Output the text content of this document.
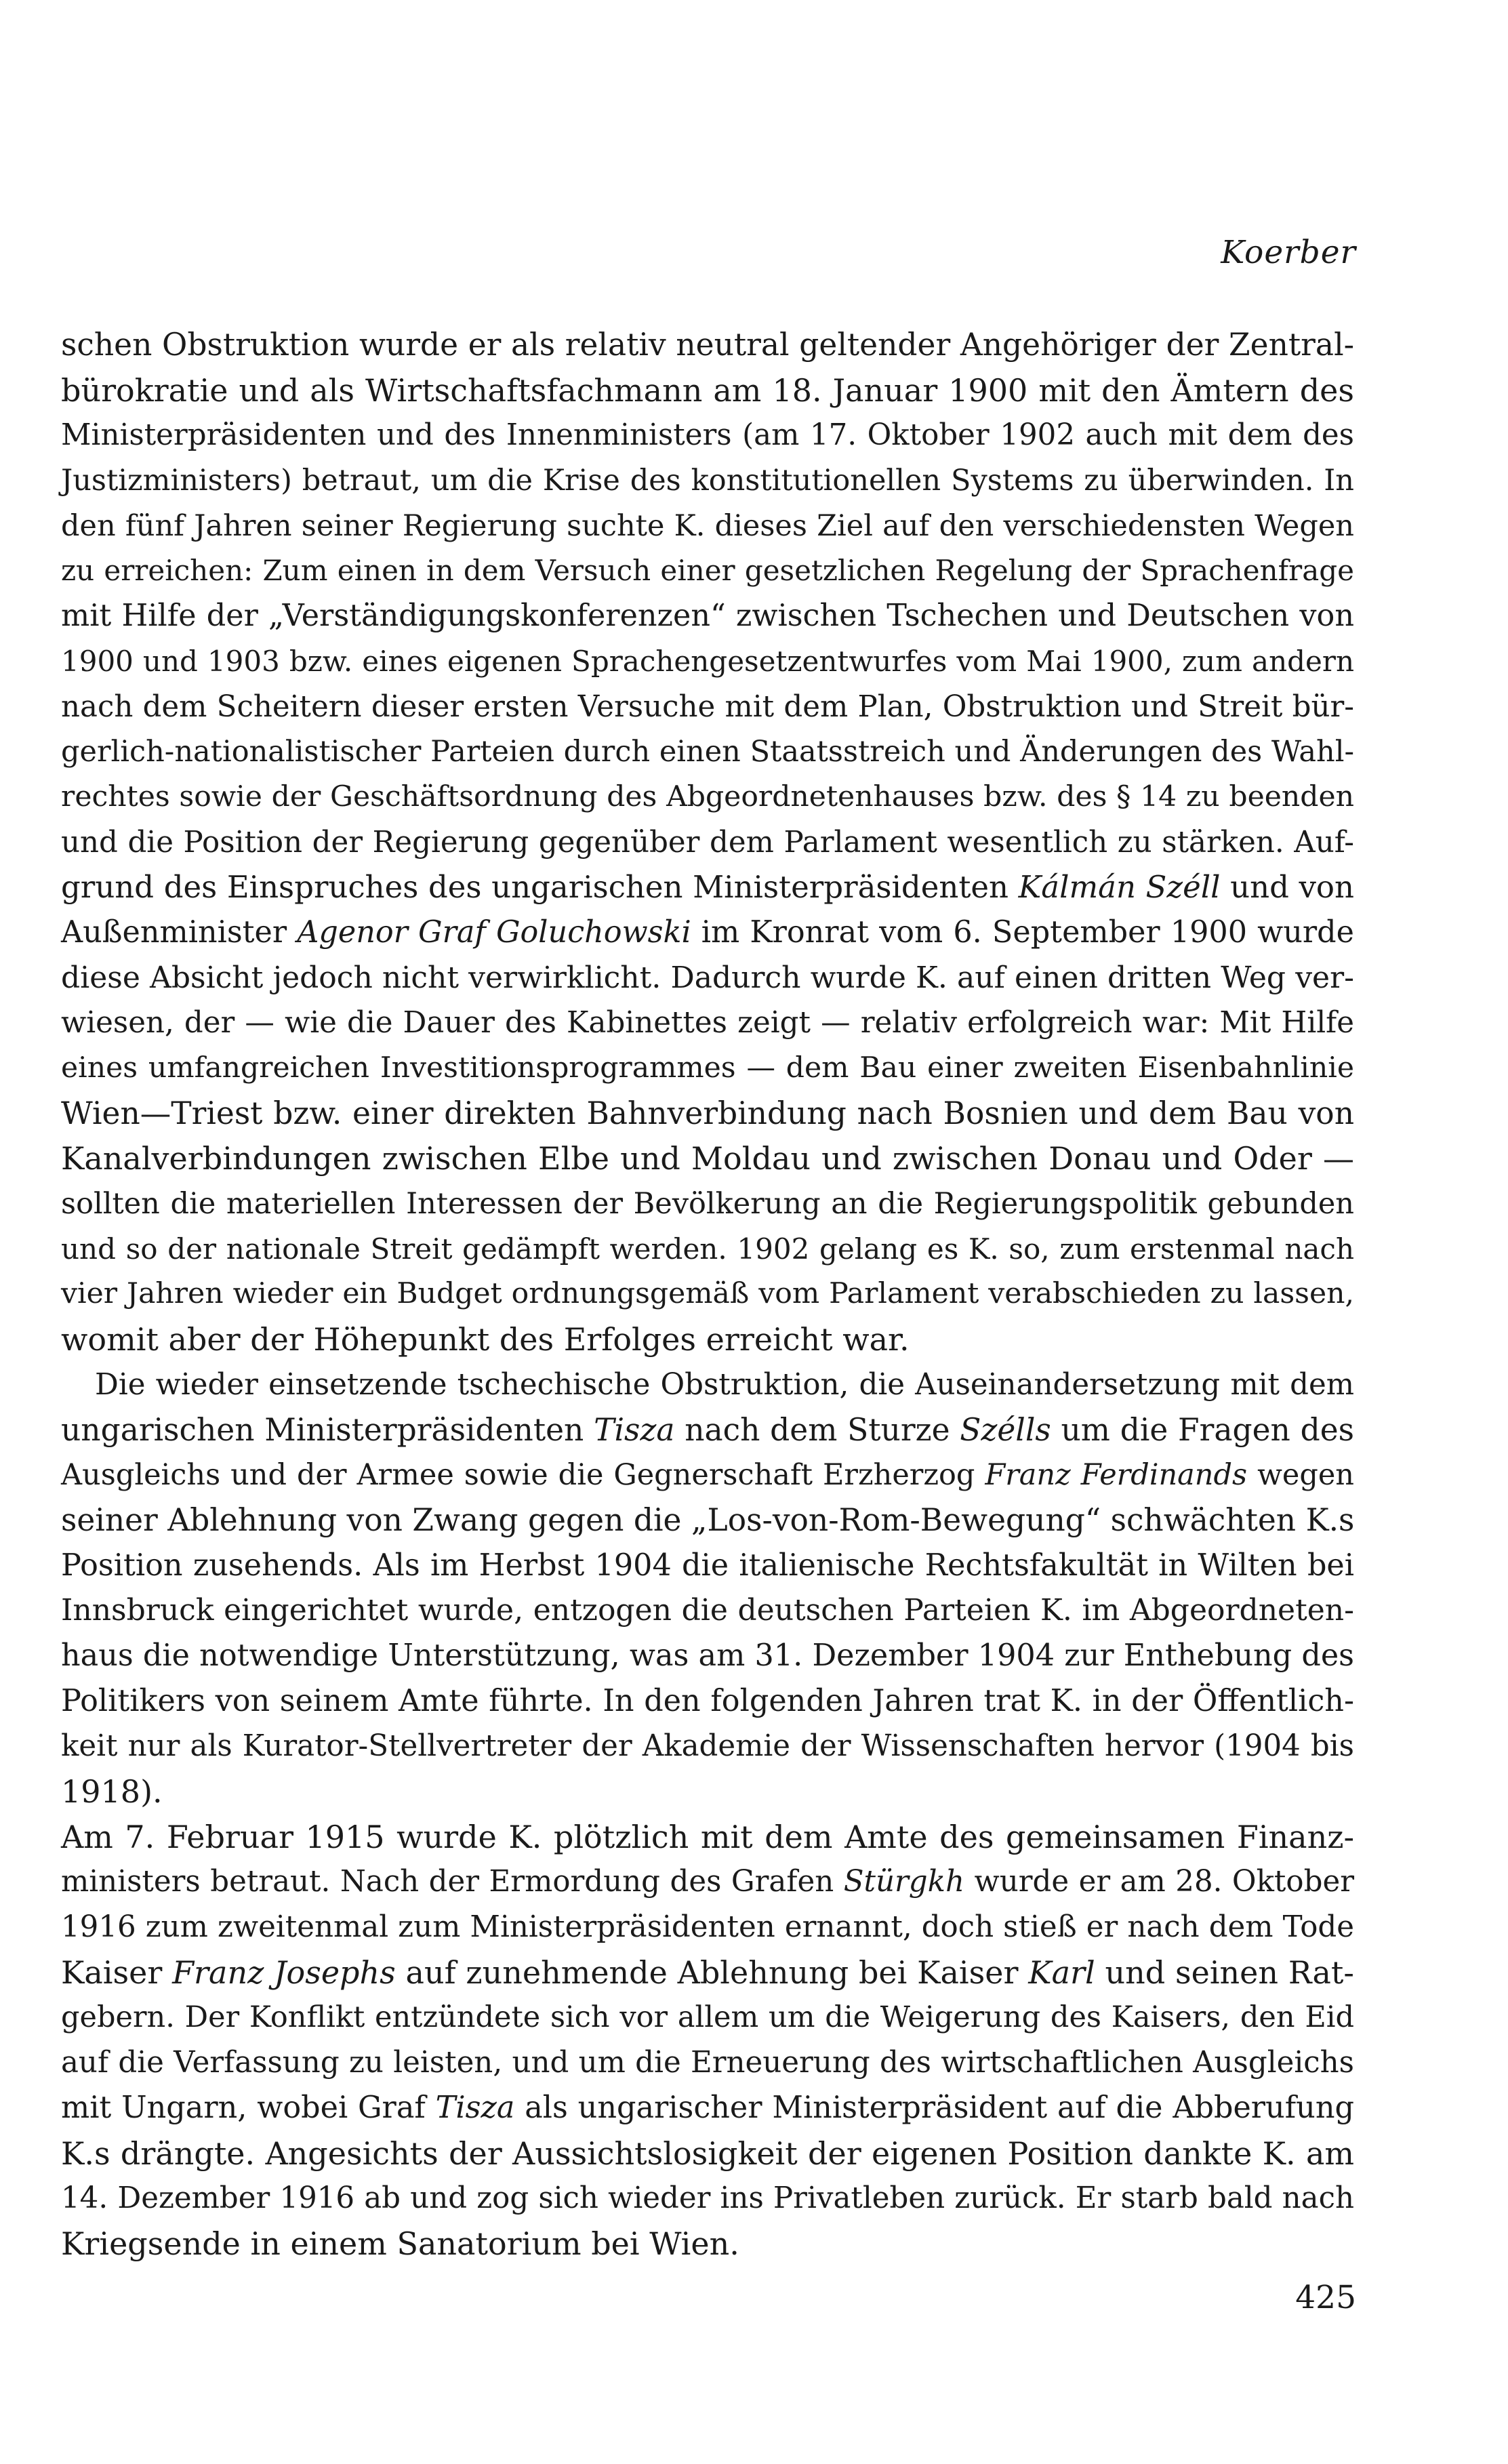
Koerber
schen Obstruktion wurde er als relativ neutral geltender Angehöriger der Zentral-
bürokratie und als Wirtschaftsfachmann am 18. Januar 1900 mit den Ämtern des
Ministerpräsidenten und des Innenministers (am 17. Oktober 1902 auch mit dem des
Justizministers) betraut, um die Krise des konstitutionellen Systems zu überwinden. In
den fünf Jahren seiner Regierung suchte K. dieses Ziel auf den verschiedensten Wegen
zu erreichen: Zum einen in dem Versuch einer gesetzlichen Regelung der Sprachenfrage
mit Hilfe der „Verständigungskonferenzen“ zwischen Tschechen und Deutschen von
1900 und 1903 bzw. eines eigenen Sprachengesetzentwurfes vom Mai 1900, zum andern
nach dem Scheitern dieser ersten Versuche mit dem Plan, Obstruktion und Streit bür-
gerlich-nationalistischer Parteien durch einen Staatsstreich und Änderungen des Wahl-
rechtes sowie der Geschäftsordnung des Abgeordnetenhauses bzw. des § 14 zu beenden
und die Position der Regierung gegenüber dem Parlament wesentlich zu stärken. Auf-
grund des Einspruches des ungarischen Ministerpräsidenten Kálmán Széll und von
Außenminister Agenor Graf Goluchowski im Kronrat vom 6. September 1900 wurde
diese Absicht jedoch nicht verwirklicht. Dadurch wurde K. auf einen dritten Weg ver-
wiesen, der — wie die Dauer des Kabinettes zeigt — relativ erfolgreich war: Mit Hilfe
eines umfangreichen Investitionsprogrammes — dem Bau einer zweiten Eisenbahnlinie
Wien—Triest bzw. einer direkten Bahnverbindung nach Bosnien und dem Bau von
Kanalverbindungen zwischen Elbe und Moldau und zwischen Donau und Oder —
sollten die materiellen Interessen der Bevölkerung an die Regierungspolitik gebunden
und so der nationale Streit gedämpft werden. 1902 gelang es K. so, zum erstenmal nach
vier Jahren wieder ein Budget ordnungsgemäß vom Parlament verabschieden zu lassen,
womit aber der Höhepunkt des Erfolges erreicht war.
Die wieder einsetzende tschechische Obstruktion, die Auseinandersetzung mit dem
ungarischen Ministerpräsidenten Tisza nach dem Sturze Szélls um die Fragen des
Ausgleichs und der Armee sowie die Gegnerschaft Erzherzog Franz Ferdinands wegen
seiner Ablehnung von Zwang gegen die „Los-von-Rom-Bewegung“ schwächten K.s
Position zusehends. Als im Herbst 1904 die italienische Rechtsfakultät in Wilten bei
Innsbruck eingerichtet wurde, entzogen die deutschen Parteien K. im Abgeordneten-
haus die notwendige Unterstützung, was am 31. Dezember 1904 zur Enthebung des
Politikers von seinem Amte führte. In den folgenden Jahren trat K. in der Öffentlich-
keit nur als Kurator-Stellvertreter der Akademie der Wissenschaften hervor (1904 bis
1918).
Am 7. Februar 1915 wurde K. plötzlich mit dem Amte des gemeinsamen Finanz-
ministers betraut. Nach der Ermordung des Grafen Stürgkh wurde er am 28. Oktober
1916 zum zweitenmal zum Ministerpräsidenten ernannt, doch stieß er nach dem Tode
Kaiser Franz Josephs auf zunehmende Ablehnung bei Kaiser Karl und seinen Rat-
gebern. Der Konflikt entzündete sich vor allem um die Weigerung des Kaisers, den Eid
auf die Verfassung zu leisten, und um die Erneuerung des wirtschaftlichen Ausgleichs
mit Ungarn, wobei Graf Tisza als ungarischer Ministerpräsident auf die Abberufung
K.s drängte. Angesichts der Aussichtslosigkeit der eigenen Position dankte K. am
14. Dezember 1916 ab und zog sich wieder ins Privatleben zurück. Er starb bald nach
Kriegsende in einem Sanatorium bei Wien.
425
